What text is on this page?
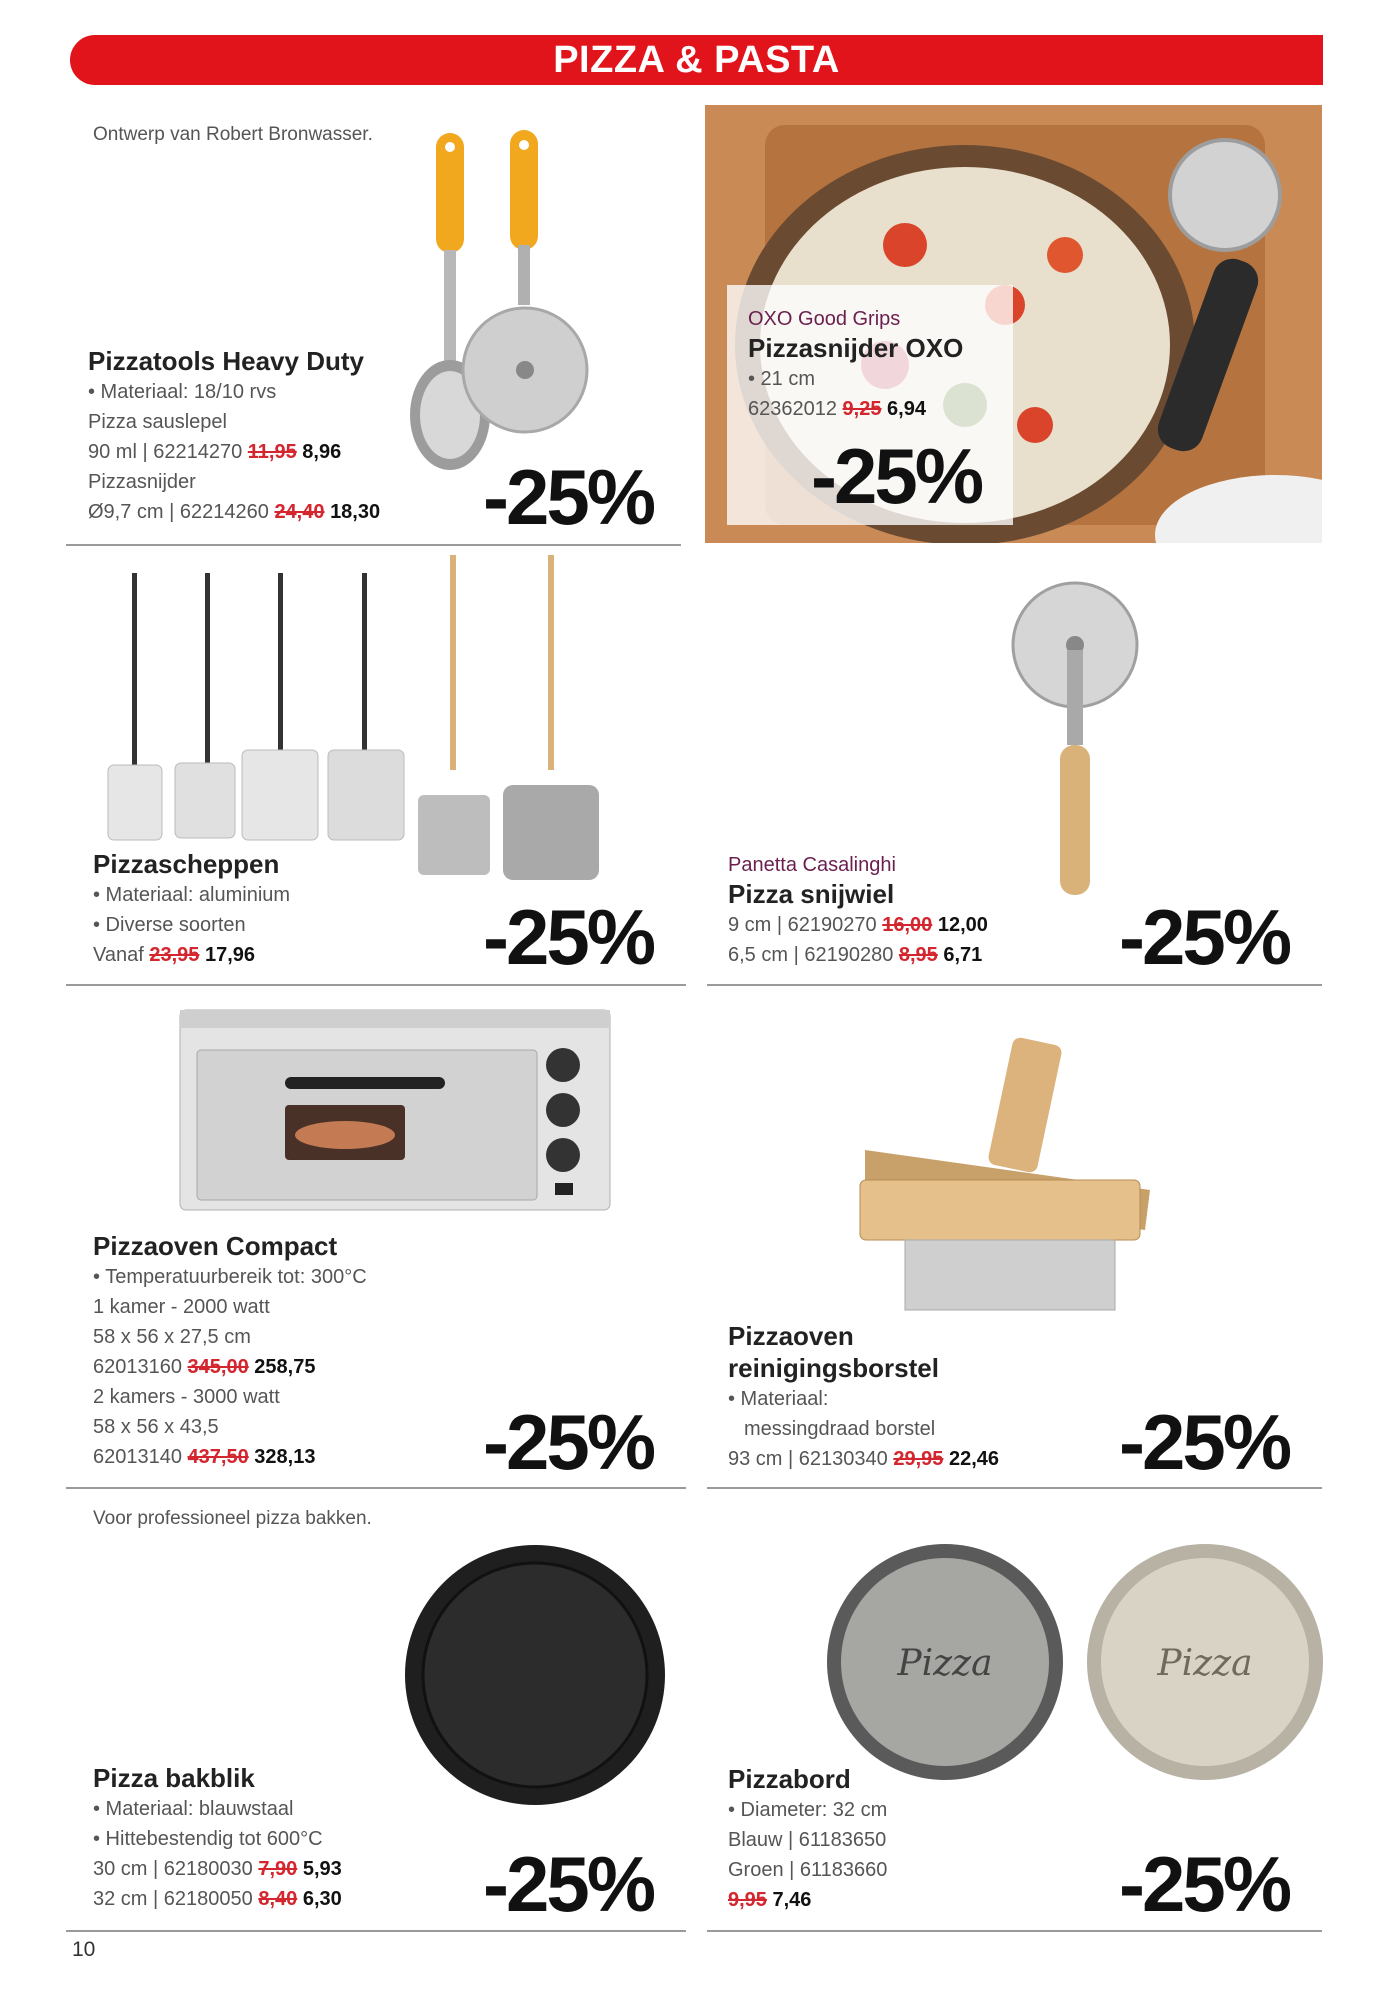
PIZZA & PASTA
Ontwerp van Robert Bronwasser.
Pizzatools Heavy Duty
• Materiaal: 18/10 rvs
Pizza sauslepel
90 ml | 62214270 11,95 8,96
Pizzasnijder
Ø9,7 cm | 62214260 24,40 18,30 -25%
OXO Good Grips
Pizzasnijder OXO
• 21 cm
62362012 9,25 6,94
-25%
Pizzascheppen
• Materiaal: aluminium
• Diverse soorten
Vanaf 23,95 17,96	-25%
Panetta Casalinghi
Pizza snijwiel
9 cm | 62190270 16,00 12,00
6,5 cm | 62190280 8,95 6,71 -25%
Pizzaoven Compact
• Temperatuurbereik tot: 300°C
1 kamer - 2000 watt
58 x 56 x 27,5 cm
62013160 345,00 258,75
2 kamers - 3000 watt
58 x 56 x 43,5
62013140 437,50 328,13	-25%
Pizzaoven
reinigingsborstel
• Materiaal:
messingdraad borstel
93 cm | 62130340 29,95 22,46 -25%
Voor professioneel pizza bakken.
Pizza bakblik
• Materiaal: blauwstaal
• Hittebestendig tot 600°C
30 cm | 62180030 7,90 5,93
32 cm | 62180050 8,40 6,30 -25%
Pizza	Pizza
Pizzabord
• Diameter: 32 cm
Blauw | 61183650
Groen | 61183660
9,95 7,46	-25%
10
